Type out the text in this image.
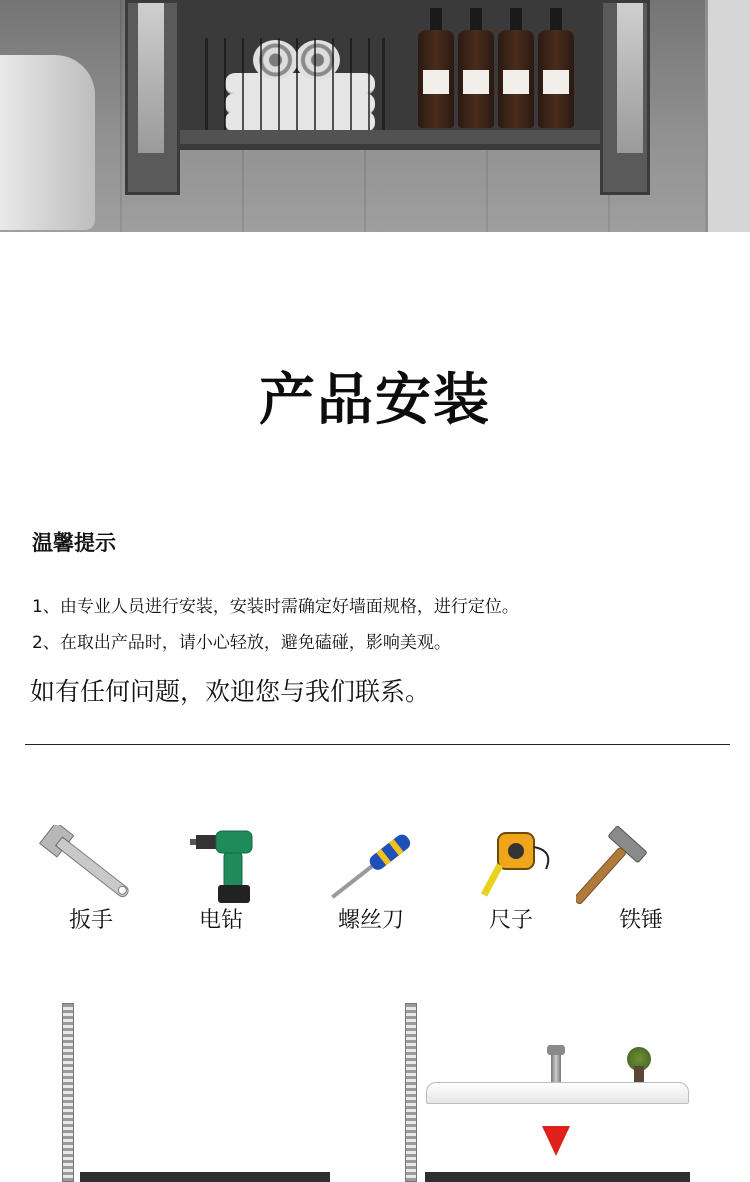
产品安装
温馨提示
1、由专业人员进行安装，安装时需确定好墙面规格，进行定位。
2、在取出产品时，请小心轻放，避免磕碰，影响美观。
如有任何问题，欢迎您与我们联系。
扳手	电钻	螺丝刀	尺子	铁锤
